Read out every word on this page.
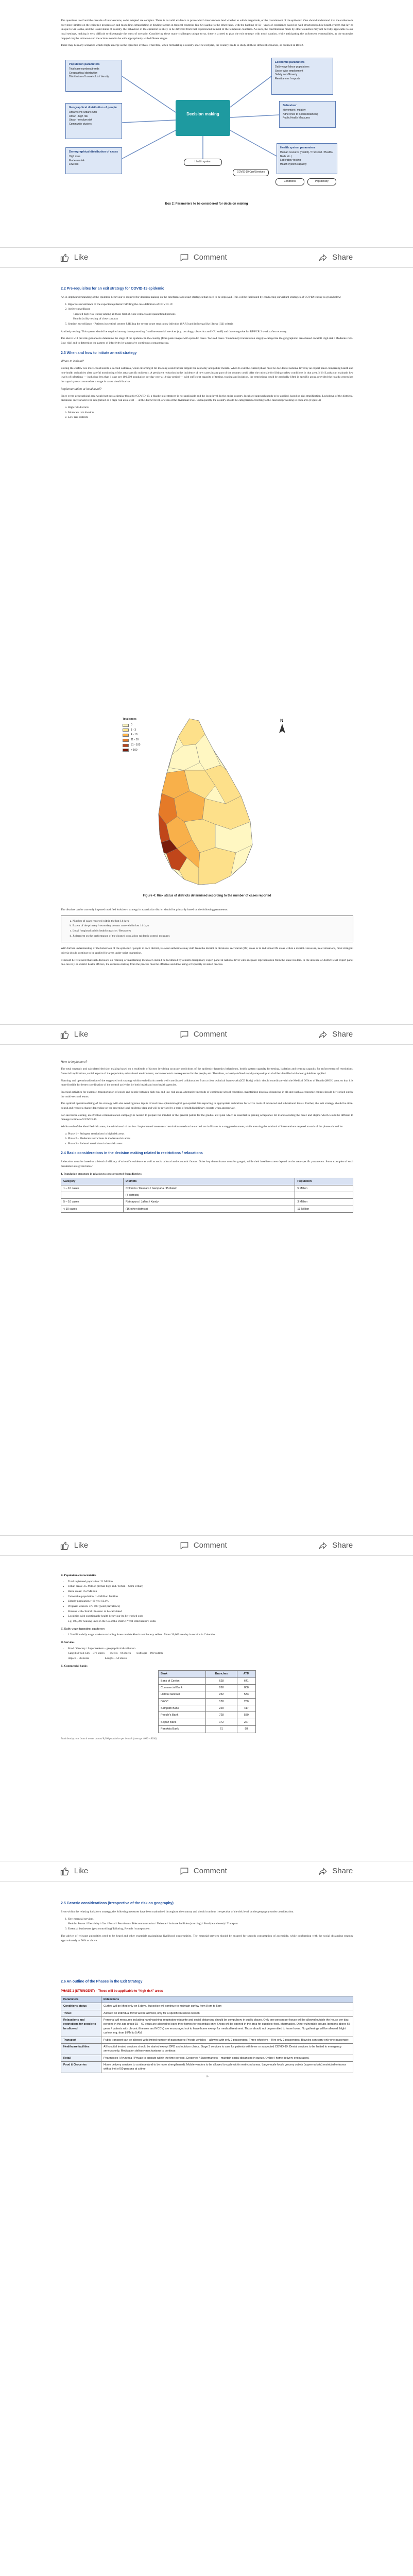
The questions itself and the cascade of interventions, so be adopted are complex. There is no valid evidence to prove which interventions lead whether to which magnitude, or the containment of the epidemic. One should understand that the evidence is ever-more limited on the epidemic progression and modelling extrapolating or binding factors in tropical countries like Sri Lanka (to the other hand, with the backing of 50+ years of experience based on well-structured public health system that lay its unique to Sri Lanka, and the island status of country, the behaviour of the epidemic is likely to be different from that experienced in most of the temperate countries. As such, the contributions made by other countries may not be fully applicable to our local settings, making it very difficult to disentangle the mess of scenario. Considering these many challenges unique to us, there is a need to plan the exit strategy with much caution, while anticipating the unforeseen eventualities, as the strategies mapped may be unknown and the actions need to be with appropriately with different stages.

There may be many scenarios which might emerge as the epidemic evolves. Therefore, when formulating a country specific exit plan, the country needs to study all these different scenarios, as outlined in Box 2.

Population parameters
Total case numbers/trends
Geographical distribution
Distribution of households / density
Economic parameters
Daily wage labour populations
Sector wise employment
Safety nets/Poverty
Remittances / exports
Behaviour
Movement / mobility
Adherence to Social distancing
Public Health Measures
Geographical distribution of people
Urban/Semi-urban/Rural
Urban - high risk
Urban - medium risk
Community clusters
Decision making
Health system parameters
Human resource (Health) / Transport / Health / Beds etc.)
Laboratory testing
Health system capacity
Demographical distribution of cases
High risks
Moderate risk
Low risk
Health system
COVID-19 Ops/Services
Conditions	Pop density
Box 2: Parameters to be considered for decision making
Like	Comment	Share
2.2 Pre-requisites for an exit strategy for COVID-19 epidemic

An in-depth understanding of the epidemic behaviour is required for decision making on the timeframe and exact strategies that need to be deployed. This will be facilitated by conducting surveillant strategies of COVID-testing as given below:

1. Rigorous surveillance of the expected epidemic fulfilling the case definition of COVID-19
2. Active surveillance
Targeted high risk testing among all those first of close contacts and quarantined persons
Health facility testing of close contacts
5. Sentinel surveillance - Patients in sentinel centres fulfilling the severe acute respiratory infection (SARI) and influenza like illness (ILI) criteria

Antibody testing: This system should be required among those preceding frontline essential services (e.g. oncology, obstetrics and ICU staff) and those negative for RT-PCR 2 weeks after recovery.

The above will provide guidance to determine the stage of the epidemic in the country (from peak images with sporadic cases / focused cases / Community transmission stage) to categorize the geographical areas based on Stoll High risk / Moderate risk / Low risk) and to determine the pattern of infectivity by aggressive continuous contact tracing.

2.3 When and how to initiate an exit strategy
When to initiate?

Exiting the curfew lies more could lead to a second outbreak, while enforcing it for too long could further cripple the economy and public morale. When to exit the current phase must be decided at national level by an expert panel comprising health and non-health authorities after careful monitoring of the area-specific epidemic. A persistent reduction in the incidence of new cases in any part of the country could offer the rationale for lifting curfew conditions in that area. If Sri Lanka can maintain low levels of infections — including less than 1 case per 100,000 population per day over a 14-day period — with sufficient capacity of testing, tracing and isolation, the restrictions could be gradually lifted in specific areas, provided the health system has the capacity to accommodate a surge in cases should it arise.

Implementation at local level?

Since every geographical area would not pass a similar threat for COVID-19, a blanket exit strategy is not applicable and the local level. In the entire country, localised approach needs to be applied, based on risk stratification. Lockdown of the districts / divisional secretariats to be categorised as a high-risk area level — at the district level, or even at the divisional level. Subsequently the country should be categorised according to the caseload prevailing in each area (Figure 4)

a. High risk districts
b. Moderate risk districts
c. Low risk districts
Total cases
0
1 - 3
4 - 10
11 - 30
31 - 100
> 100
N
Figure 4: Risk status of districts determined according to the number of cases reported

The districts can be currently imposed modified lockdown strategy in a particular district should be primarily based on the following parameters:

a. Number of cases reported within the last 14 days
b. Extent of the primary / secondary contact trace within last 14 days
c. Local / regional public health capacity / Resources
d. Judgement on the performance of the cleaned population epidemic control measures

With further understanding of the behaviour of the epidemic / people in each district, relevant authorities may shift from the district or divisional secretariat (DS) areas or to individual DS areas within a district. However, in all situations, most stringent criteria should continue to be applied for areas under strict quarantine.

It should be reiterated that such decisions on relaxing or maintaining lockdown should be facilitated by a multi-disciplinary expert panel at national level with adequate representation from the stake-holders. In the absence of district-level expert panel one can rely on district health officers, the decision-making from the process must be effective and done using a frequently revisited process.

Like	Comment	Share
How to implement?

The total strategic and calculated decision making based on a multitude of factors involving accurate predictions of the epidemic dynamics behaviours, health system capacity for testing, isolation and treating capacity for enforcement of restrictions, financial implications, social aspects of the population, educational environment, socio-economic consequences for the people, etc. Therefore, a clearly-defined step-by-step exit plan shall be identified with clear guidelines applied.

Planning and operationalization of the suggested exit strategy within each district needs well coordinated collaboration from a clear technical framework (ICE Body) which should coordinate with the Medical Officer of Health (MOH) area, so that it is more feasible for better coordination of the control activities by both health and non-health agencies.

Practical activities for example, transportation of goods and people between high risk and low risk areas, alternative methods of continuing school education, maintaining physical distancing in all spot such as economic centres should be worked out by the multi-sectoral teams.

The optimal operationalizing of the strategy will also need rigorous inputs of real time epidemiological geo-spatial data reporting in appropriate authorities for active tools of advanced and subnational levels. Further, the exit strategy should be time-bound and requires change depending on the emerging local epidemic data and will be revised by a team of multidisciplinary experts when appropriate.

For successful exiting, an effective communication campaign is needed to prepare the mindset of the general public for the gradual exit plan which is essential in gaining acceptance for it and avoiding the panic and stigma which would be difficult to manage in times of COVID-19.

Within each of the identified risk areas, the withdrawal of curfew / implemented measures / restrictions needs to be carried out in Phases in a staggered manner; while ensuring the minimal of interventions targeted at each of the phases should be:

a. Phase 1 – Stringent restrictions in high risk areas
b. Phase 2 – Moderate restrictions in moderate risk areas
c. Phase 3 – Relaxed restrictions in low risk areas
2.4 Basic considerations in the decision making related to restrictions / relaxations

Relaxation must be based on a blend of efficacy of scientific evidence as well as socio cultural and economic factors. Other key determinants must be gauged, while their baseline scores depend on the area-specific parameters. Some examples of such parameters are given below:

1. Population structure in relation to cases reported from districts:
Category	Districts	Population
1 – 10 cases	Colombo / Kalutara / Gampaha / Puttalam	5 Million
	(4 districts)	
5 – 10 cases	Ratnapura / Jaffna / Kandy	3 Million
< 10 cases	(16 other districts)	13 Million
Like	Comment	Share
B. Population characteristics
• Total registered population: 21 Million
• Urban areas: 4.5 Million (Urban high and / Urban – Semi Urban)
• Rural areas: 16.2 Million
• Vulnerable population: 1.4 Million families
• Elderly population > 60 yrs: 12.4%
• Pregnant women: 375 000 (point prevalence)
• Persons with clinical illnesses: to be calculated
• Localities with questionable health behaviour (to be worked out)
e.g. 100,000 housing units in the Colombo District “Wet Watchambs”/ Vatta
C. Daily wage dependent employees
• 1.5 million daily wage workers excluding those outside Abaxis and battery sellers. About 20,000 are day in service in Colombo
D. Services
• Food / Grocery / Supermarkets – geographical distribution
Cargill's Food City – 376 stores        Keells – 86 stores        Softlogic – 199 outlets
Arpico – 36 stores                      Laughs – 50 stores
E. Commercial banks
Bank	Branches	ATM
Bank of Ceylon	628	641
Commercial Bank	268	808
Hatton National	252	533
DFCC	138	280
Sampath Bank	229	417
People's Bank	728	580
Seylan Bank	172	227
Pan Asia Bank	61	98

Bank density: one branch serves around 8,000 population per branch (average 4000 – 8200).

Like	Comment	Share
2.5 Generic considerations (irrespective of the risk on geography)

Even within the relaxing lockdown strategy, the following measures have been maintained throughout the country and should continue irrespective of the risk level on the geography under consideration.

1. Key essential services
Health / Power / Electricity / Gas / Postal / Petroleum / Telecommunication / Defence / Intimate facilities (sourcing) / Food (warehouse) / Transport
3. Essential businesses (pest controlling) Tailoring, Rentals / transport etc.

The advice of relevant authorities need to be heard and other essentials maintaining livelihood opportunities. The essential services should be ensured for smooth consumption of accessible, while conforming with the social distancing strategy approximately at 50% or above.

2.6 An outline of the Phases in the Exit Strategy
PHASE 1 (STRINGENT) – These will be applicable to “high risk” areas
Parameters	Relaxations
Conditions status	Curfew will be lifted only on 5 days. But police will continue to maintain curfew from 8 pm to 5am
Travel	Allowed on individual travel will be allowed, only for a specific business reason
Relaxations and restrictions for people to be allowed	Personal will measures including hand washing, respiratory etiquette and social distancing should be compulsory in public places. Only one person per house will be allowed outside the house per day; persons in the age group 15 – 60 years are allowed to leave their homes for essentials only. Shops will be opened in the area for supplies: food, pharmacies. Other vulnerable groups (persons above 65 years / patients with chronic illnesses and NCD’s) are encouraged not to leave home except for medical treatment. Those should not be permitted to leave home. No gatherings will be allowed. Night curfew: e.g. from 8 PM to 5 AM.
Transport	Public transport can be allowed with limited number of passengers: Private vehicles – allowed with only 2 passengers. Three wheelers – Hire only 2 passengers. Bicycles can carry only one passenger.
Healthcare facilities	All hospital treated services should be started except OPD and outdoor clinics. Stage 3 services to care for patients with fever or suspected COVID-19. Dental services to be limited to emergency services only. Medication delivery mechanisms to continue.
Retail	Pharmacies / Ayurveda / Private to operate within the time periods. Groceries / Supermarkets – maintain social distancing in queue. Online / home delivery encouraged.
Food & Groceries	Home delivery services to continue (and to be more strengthened). Mobile vendors to be allowed to cycle within restricted areas. Large-scale food / grocery outlets (supermarkets) restricted entrance with a limit of 50 persons at a time.
10
